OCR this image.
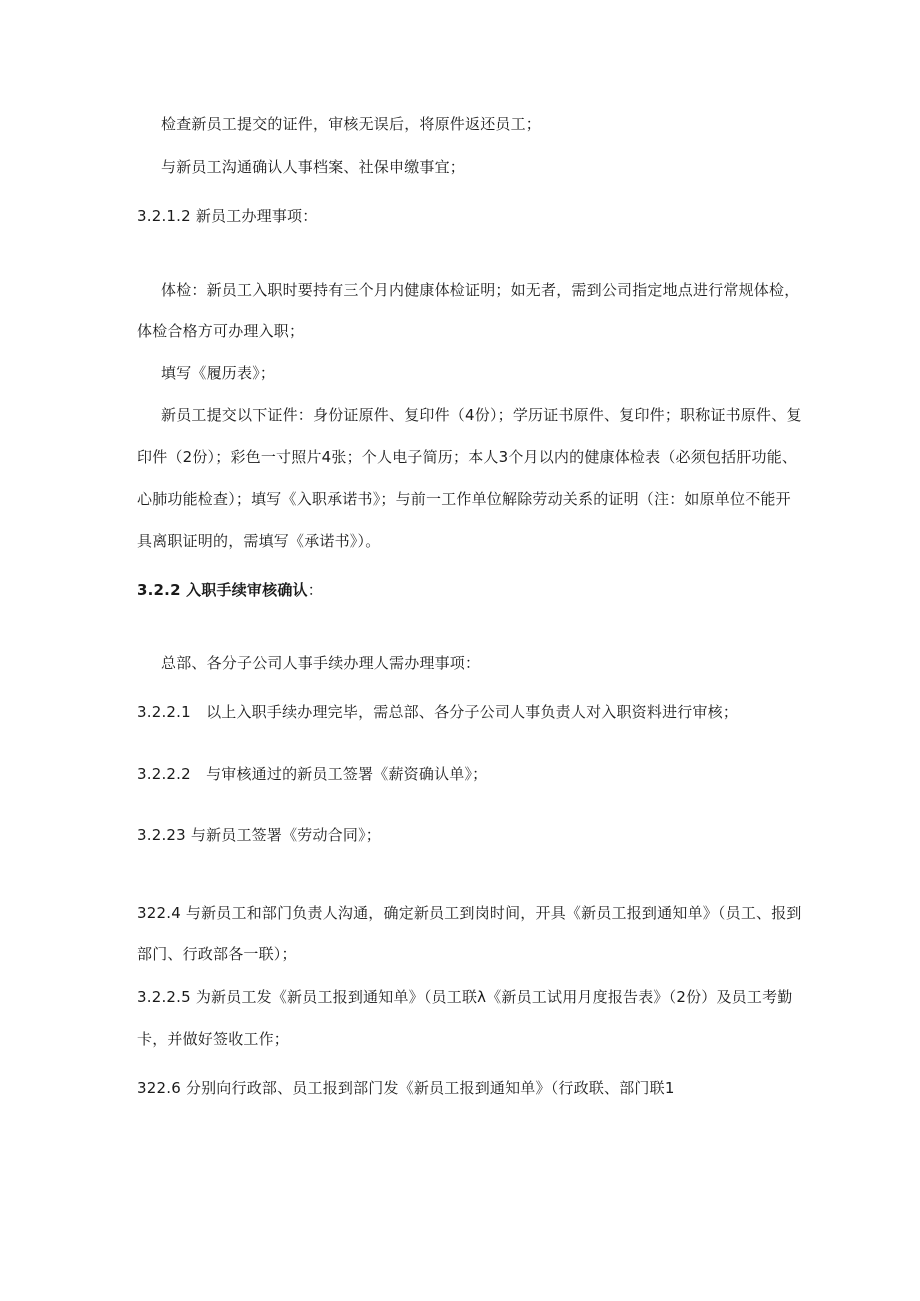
检查新员工提交的证件，审核无误后，将原件返还员工；
与新员工沟通确认人事档案、社保申缴事宜；
3.2.1.2 新员工办理事项：
体检：新员工入职时要持有三个月内健康体检证明；如无者，需到公司指定地点进行常规体检，
体检合格方可办理入职；
填写《履历表》；
新员工提交以下证件：身份证原件、复印件（4份）；学历证书原件、复印件；职称证书原件、复
印件（2份）；彩色一寸照片4张；个人电子简历；本人3个月以内的健康体检表（必须包括肝功能、
心肺功能检查）；填写《入职承诺书》；与前一工作单位解除劳动关系的证明（注：如原单位不能开
具离职证明的，需填写《承诺书》）。
3.2.2 入职手续审核确认：
总部、各分子公司人事手续办理人需办理事项：
3.2.2.1　以上入职手续办理完毕，需总部、各分子公司人事负责人对入职资料进行审核；
3.2.2.2　与审核通过的新员工签署《薪资确认单》；
3.2.23 与新员工签署《劳动合同》；
322.4 与新员工和部门负责人沟通，确定新员工到岗时间，开具《新员工报到通知单》（员工、报到
部门、行政部各一联）；
3.2.2.5 为新员工发《新员工报到通知单》（员工联λ《新员工试用月度报告表》（2份）及员工考勤
卡，并做好签收工作；
322.6 分别向行政部、员工报到部门发《新员工报到通知单》（行政联、部门联1
